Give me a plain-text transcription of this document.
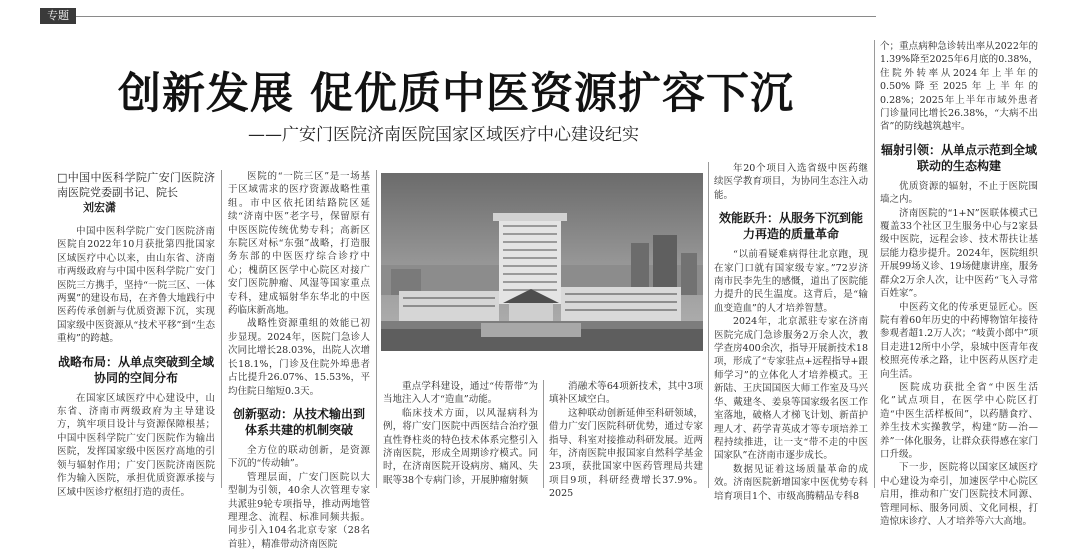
专题
创新发展 促优质中医资源扩容下沉
——广安门医院济南医院国家区域医疗中心建设纪实
□中国中医科学院广安门医院济南医院党委副书记、院长
刘宏潇

中国中医科学院广安门医院济南医院自2022年10月获批第四批国家区域医疗中心以来，由山东省、济南市两级政府与中国中医科学院广安门医院三方携手，坚持“一院三区、一体两翼”的建设布局，在齐鲁大地践行中医药传承创新与优质资源下沉，实现国家级中医资源从“技术平移”到“生态重构”的跨越。

战略布局：从单点突破到全域协同的空间分布

在国家区域医疗中心建设中，山东省、济南市两级政府为主导建设方，筑牢项目设计与资源保障根基；中国中医科学院广安门医院作为输出医院，发挥国家级中医医疗高地的引领与辐射作用；广安门医院济南医院作为输入医院，承担优质资源承接与区域中医诊疗枢纽打造的责任。

医院的“一院三区”是一场基于区域需求的医疗资源战略性重组。市中区依托团结路院区延续“济南中医”老字号，保留原有中医医院传统优势专科；高新区东院区对标“东强”战略，打造服务东部的中医医疗综合诊疗中心；槐荫区医学中心院区对接广安门医院肿瘤、风湿等国家重点专科，建成辐射华东华北的中医药临床新高地。

战略性资源重组的效能已初步显现。2024年，医院门急诊人次同比增长28.03%，出院人次增长18.1%，门诊及住院外埠患者占比提升26.07%、15.53%，平均住院日缩短0.3天。

创新驱动：从技术输出到体系共建的机制突破

全方位的联动创新，是资源下沉的“传动轴”。

管理层面，广安门医院以大型制为引领，40余人次管理专家共派驻9轮专项指导，推动两地管理理念、流程、标准同频共振。同步引入104名北京专家（28名首驻），精准带动济南医院

重点学科建设，通过“传帮带”为当地注入人才“造血”动能。

临床技术方面，以风湿病科为例，将广安门医院中西医结合治疗强直性脊柱炎的特色技术体系完整引入济南医院，形成全周期诊疗模式。同时，在济南医院开设病房、痛风、失眠等38个专病门诊，开展肿瘤射频

消融术等64项新技术，其中3项填补区域空白。

这种联动创新延伸至科研领域，借力广安门医院科研优势，通过专家指导、科室对接推动科研发展。近两年，济南医院申报国家自然科学基金23项，获批国家中医药管理局共建项目9项，科研经费增长37.9%。2025

年20个项目入选省级中医药继续医学教育项目，为协同生态注入动能。

效能跃升：从服务下沉到能力再造的质量革命

“以前看疑难病得往北京跑，现在家门口就有国家级专家。”72岁济南市民李先生的感慨，道出了医院能力提升的民生温度。这背后，是“输血变造血”的人才培养智慧。

2024年，北京派驻专家在济南医院完成门急诊服务2万余人次，教学查房400余次，指导开展新技术18项，形成了“专家驻点+远程指导+跟师学习”的立体化人才培养模式。王新陆、王庆国国医大师工作室及马兴华、戴建冬、姜泉等国家级名医工作室落地，破格人才梯飞计划、新苗护理人才、药学青英成才等专项培养工程持续推进，让一支“带不走的中医国家队”在济南市逐步成长。

数据见证着这场质量革命的成效。济南医院新增国家中医优势专科培育项目1个、市级高腾精品专科8

个；重点病种急诊转出率从2022年的1.39%降至2025年6月底的0.38%，住院外转率从2024年上半年的0.50%降至2025年上半年的0.28%；2025年上半年市域外患者门诊量同比增长26.38%，“大病不出省”的防线越筑越牢。

辐射引领：从单点示范到全域联动的生态构建

优质资源的辐射，不止于医院围墙之内。

济南医院的“1+N”医联体模式已覆盖33个社区卫生服务中心与2家县级中医院，远程会诊、技术帮扶让基层能力稳步提升。2024年，医院组织开展99场义诊、19场健康讲座，服务群众2万余人次，让中医药“飞入寻常百姓家”。

中医药文化的传承更显匠心。医院有着60年历史的中药博物馆年接待参观者超1.2万人次；“岐黄小郎中”项目走进12所中小学，泉城中医青年夜校照亮传承之路，让中医药从医疗走向生活。

医院成功获批全省“中医生活化”试点项目，在医学中心院区打造“中医生活样板间”，以药膳食疗、养生技术实操教学，构建“防—治—养”一体化服务，让群众获得感在家门口升级。

下一步，医院将以国家区域医疗中心建设为牵引，加速医学中心院区启用，推动和广安门医院技术同源、管理同标、服务同质、文化同根，打造惊床诊疗、人才培养等六大高地。
